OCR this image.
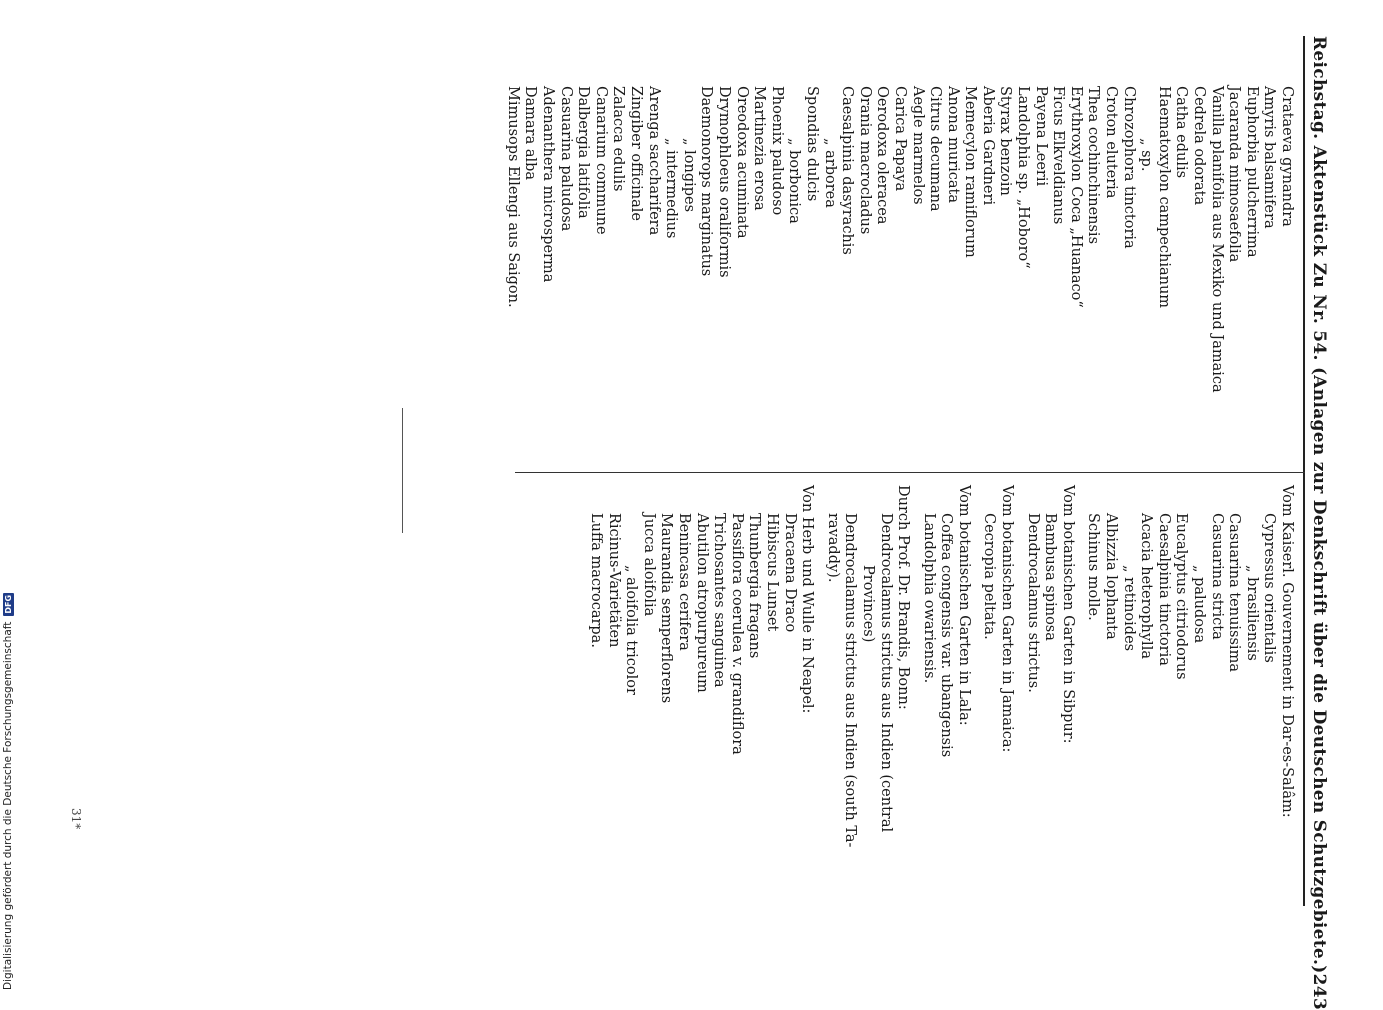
Reichstag. Aktenstück Zu Nr. 54. (Anlagen zur Denkschrift über die Deutschen Schutzgebiete.)
243
Crataeva gynandra
Amyris balsamifera
Euphorbia pulcherrima
Jacaranda mimosaefolia
Vanilla planifolia aus Mexiko und Jamaica
Cedrela odorata
Catha edulis
Haematoxylon campechianum
„ sp.
Chrozophora tinctoria
Croton eluteria
Thea cochinchinensis
Erythroxylon Coca „Huanaco“
Ficus Elkveldianus
Payena Leerii
Landolphia sp. „Hoboro“
Styrax benzoin
Aberia Gardneri
Memecylon ramiflorum
Anona muricata
Citrus decumana
Aegle marmelos
Carica Papaya
Oerodoxa oleracea
Orania macrocladus
Caesalpinia dasyrachis
„ arborea
Spondias dulcis
„ borbonica
Phoenix paludoso
Martinezia erosa
Oreodoxa acuminata
Drymophloeus oraliformis
Daemonorops marginatus
„ longipes
„ intermedius
Arenga saccharifera
Zingiber officinale
Zalacca edulis
Canarium commune
Dalbergia latifolia
Casuarina paludosa
Adenanthera microsperma
Damara alba
Mimusops Ellengi aus Saigon.
Vom Kaiserl. Gouvernement in Dar-es-Salâm:
Cypressus orientalis
„ brasiliensis
Casuarina tenuissima
Casuarina stricta
„ paludosa
Eucalyptus citriodorus
Caesalpinia tinctoria
Acacia heterophylla
„ retinoides
Albizzia lophanta
Schinus molle.
Vom botanischen Garten in Sibpur:
Bambusa spinosa
Dendrocalamus strictus.
Vom botanischen Garten in Jamaica:
Cecropia peltata.
Vom botanischen Garten in Lala:
Coffea congensis var. ubangensis
Landolphia owariensis.
Durch Prof. Dr. Brandis, Bonn:
Dendrocalamus strictus aus Indien (central
Provinces)
Dendrocalamus strictus aus Indien (south Ta-
ravaddy).
Von Herb und Wulle in Neapel:
Dracaena Draco
Hibiscus Lunset
Thunbergia fragans
Passiflora coerulea v. grandiflora
Trichosantes sanguinea
Abutilon atropurpureum
Benincasa cerifera
Maurandia semperflorens
Jucca aloifolia
„ aloifolia tricolor
Ricinus-Varietäten
Luffa macrocarpa.
31*
Digitalisierung gefördert durch die Deutsche Forschungsgemeinschaft
DFG
